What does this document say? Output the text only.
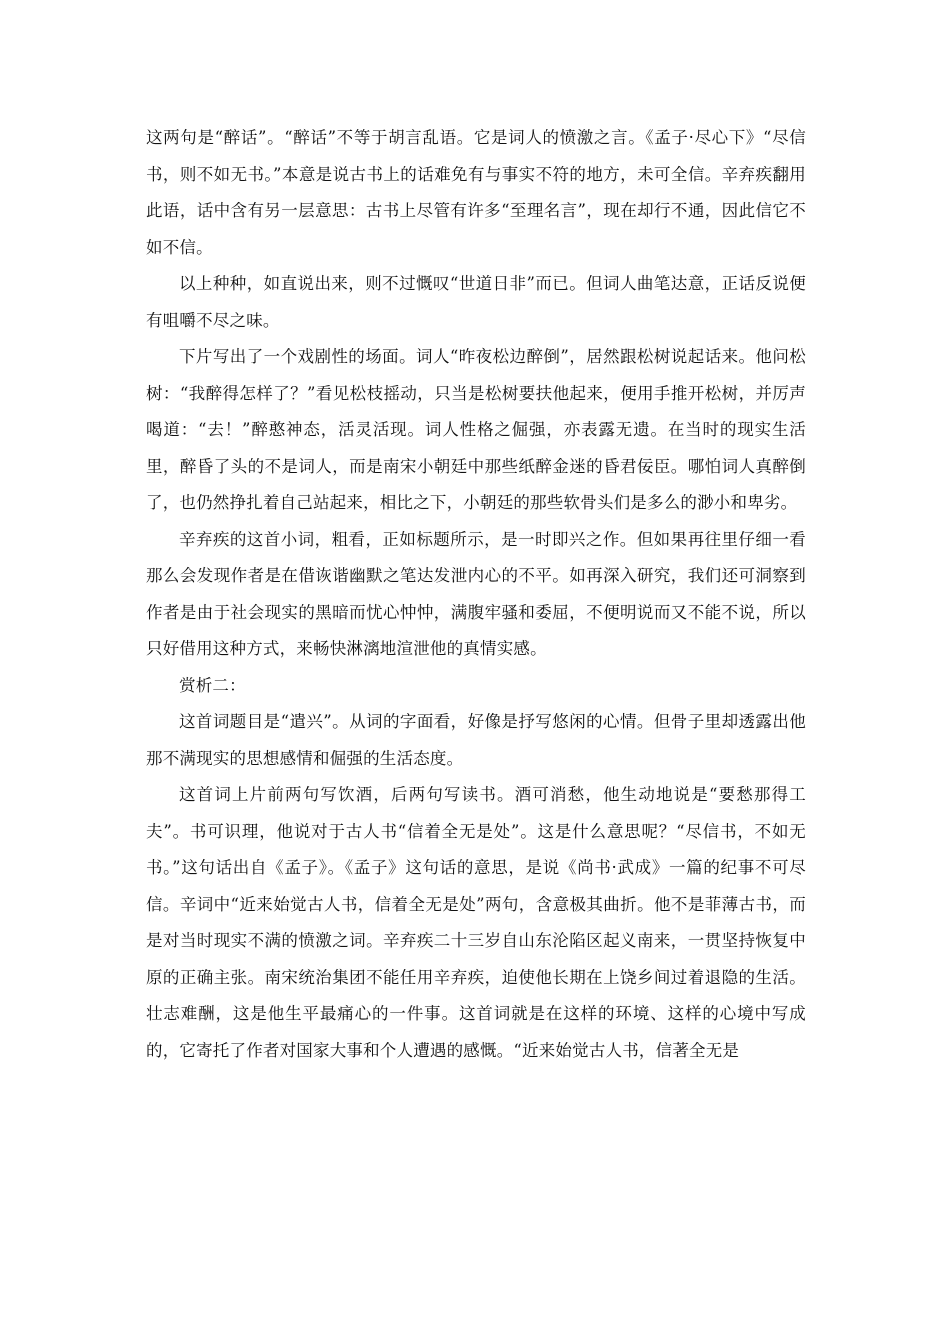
这两句是“醉话”。“醉话”不等于胡言乱语。它是词人的愤激之言。《孟子·尽心下》“尽信书，则不如无书。”本意是说古书上的话难免有与事实不符的地方，未可全信。辛弃疾翻用此语，话中含有另一层意思：古书上尽管有许多“至理名言”，现在却行不通，因此信它不如不信。

以上种种，如直说出来，则不过慨叹“世道日非”而已。但词人曲笔达意，正话反说便有咀嚼不尽之味。

下片写出了一个戏剧性的场面。词人“昨夜松边醉倒”，居然跟松树说起话来。他问松树：“我醉得怎样了？”看见松枝摇动，只当是松树要扶他起来，便用手推开松树，并厉声喝道：“去！”醉憨神态，活灵活现。词人性格之倔强，亦表露无遗。在当时的现实生活里，醉昏了头的不是词人，而是南宋小朝廷中那些纸醉金迷的昏君佞臣。哪怕词人真醉倒了，也仍然挣扎着自己站起来，相比之下，小朝廷的那些软骨头们是多么的渺小和卑劣。

辛弃疾的这首小词，粗看，正如标题所示，是一时即兴之作。但如果再往里仔细一看那么会发现作者是在借诙谐幽默之笔达发泄内心的不平。如再深入研究，我们还可洞察到作者是由于社会现实的黑暗而忧心忡忡，满腹牢骚和委屈，不便明说而又不能不说，所以只好借用这种方式，来畅快淋漓地渲泄他的真情实感。

赏析二：

这首词题目是“遣兴”。从词的字面看，好像是抒写悠闲的心情。但骨子里却透露出他那不满现实的思想感情和倔强的生活态度。

这首词上片前两句写饮酒，后两句写读书。酒可消愁，他生动地说是“要愁那得工夫”。书可识理，他说对于古人书“信着全无是处”。这是什么意思呢？“尽信书，不如无书。”这句话出自《孟子》。《孟子》这句话的意思，是说《尚书·武成》一篇的纪事不可尽信。辛词中“近来始觉古人书，信着全无是处”两句，含意极其曲折。他不是菲薄古书，而是对当时现实不满的愤激之词。辛弃疾二十三岁自山东沦陷区起义南来，一贯坚持恢复中原的正确主张。南宋统治集团不能任用辛弃疾，迫使他长期在上饶乡间过着退隐的生活。壮志难酬，这是他生平最痛心的一件事。这首词就是在这样的环境、这样的心境中写成的，它寄托了作者对国家大事和个人遭遇的感慨。“近来始觉古人书，信著全无是
